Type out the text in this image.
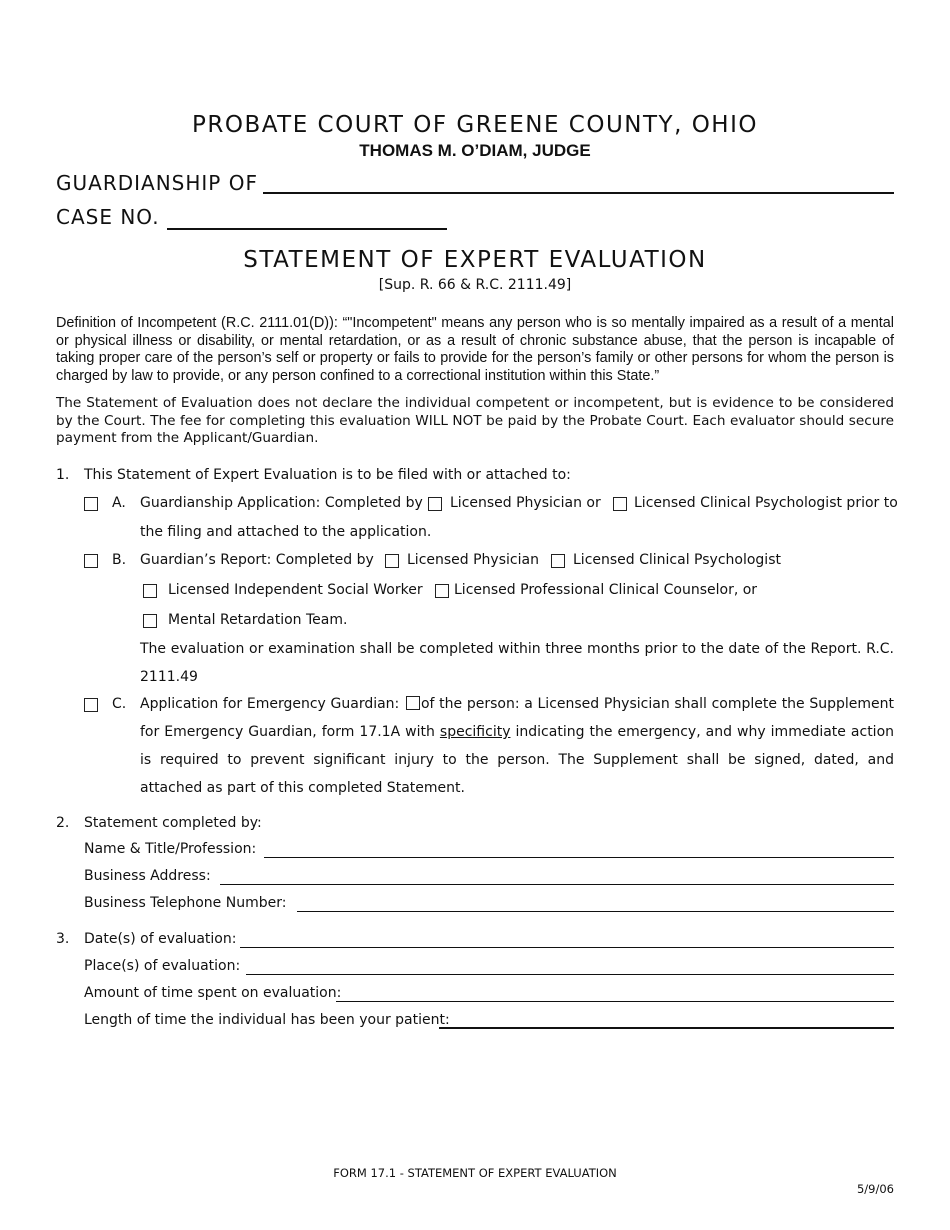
PROBATE COURT OF GREENE COUNTY, OHIO
THOMAS M. O’DIAM, JUDGE
GUARDIANSHIP OF
CASE NO.
STATEMENT OF EXPERT EVALUATION
[Sup. R. 66 & R.C. 2111.49]
Definition of Incompetent (R.C. 2111.01(D)): “"Incompetent" means any person who is so mentally impaired as a result of a mental or physical illness or disability, or mental retardation, or as a result of chronic substance abuse, that the person is incapable of taking proper care of the person’s self or property or fails to provide for the person’s family or other persons for whom the person is charged by law to provide, or any person confined to a correctional institution within this State.”
The Statement of Evaluation does not declare the individual competent or incompetent, but is evidence to be considered by the Court. The fee for completing this evaluation WILL NOT be paid by the Probate Court. Each evaluator should secure payment from the Applicant/Guardian.
1. This Statement of Expert Evaluation is to be filed with or attached to:
A. Guardianship Application: Completed by Licensed Physician or Licensed Clinical Psychologist prior to
the filing and attached to the application.
B. Guardian’s Report: Completed by Licensed Physician Licensed Clinical Psychologist
Licensed Independent Social Worker Licensed Professional Clinical Counselor, or
Mental Retardation Team.
The evaluation or examination shall be completed within three months prior to the date of the Report. R.C. 2111.49
C. Application for Emergency Guardian: of the person: a Licensed Physician shall complete the Supplement for Emergency Guardian, form 17.1A with specificity indicating the emergency, and why immediate action is required to prevent significant injury to the person. The Supplement shall be signed, dated, and attached as part of this completed Statement.
2. Statement completed by:
Name & Title/Profession:
Business Address:
Business Telephone Number:
3. Date(s) of evaluation:
Place(s) of evaluation:
Amount of time spent on evaluation:
Length of time the individual has been your patient:
FORM 17.1 - STATEMENT OF EXPERT EVALUATION
5/9/06
